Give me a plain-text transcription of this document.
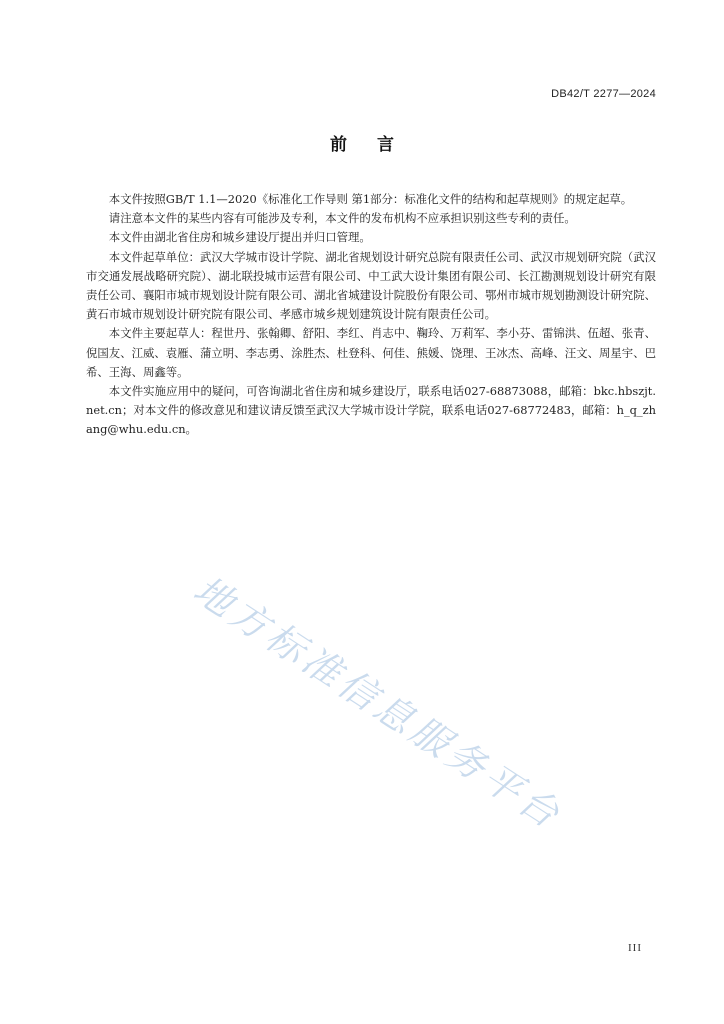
DB42/T 2277—2024
前言

本文件按照GB/T 1.1—2020《标准化工作导则 第1部分：标准化文件的结构和起草规则》的规定起草。

请注意本文件的某些内容有可能涉及专利，本文件的发布机构不应承担识别这些专利的责任。

本文件由湖北省住房和城乡建设厅提出并归口管理。

本文件起草单位：武汉大学城市设计学院、湖北省规划设计研究总院有限责任公司、武汉市规划研究院（武汉市交通发展战略研究院）、湖北联投城市运营有限公司、中工武大设计集团有限公司、长江勘测规划设计研究有限责任公司、襄阳市城市规划设计院有限公司、湖北省城建设计院股份有限公司、鄂州市城市规划勘测设计研究院、黄石市城市规划设计研究院有限公司、孝感市城乡规划建筑设计院有限责任公司。

本文件主要起草人：程世丹、张翰卿、舒阳、李红、肖志中、鞠玲、万莉军、李小芬、雷锦洪、伍超、张青、倪国友、江威、袁雁、蒲立明、李志勇、涂胜杰、杜登科、何佳、熊媛、饶理、王冰杰、高峰、汪文、周星宇、巴希、王海、周鑫等。

本文件实施应用中的疑问，可咨询湖北省住房和城乡建设厅，联系电话027-68873088，邮箱：bkc.hbszjt.net.cn；对本文件的修改意见和建议请反馈至武汉大学城市设计学院，联系电话027-68772483，邮箱：h_q_zhang@whu.edu.cn。

地方标准信息服务平台
III
